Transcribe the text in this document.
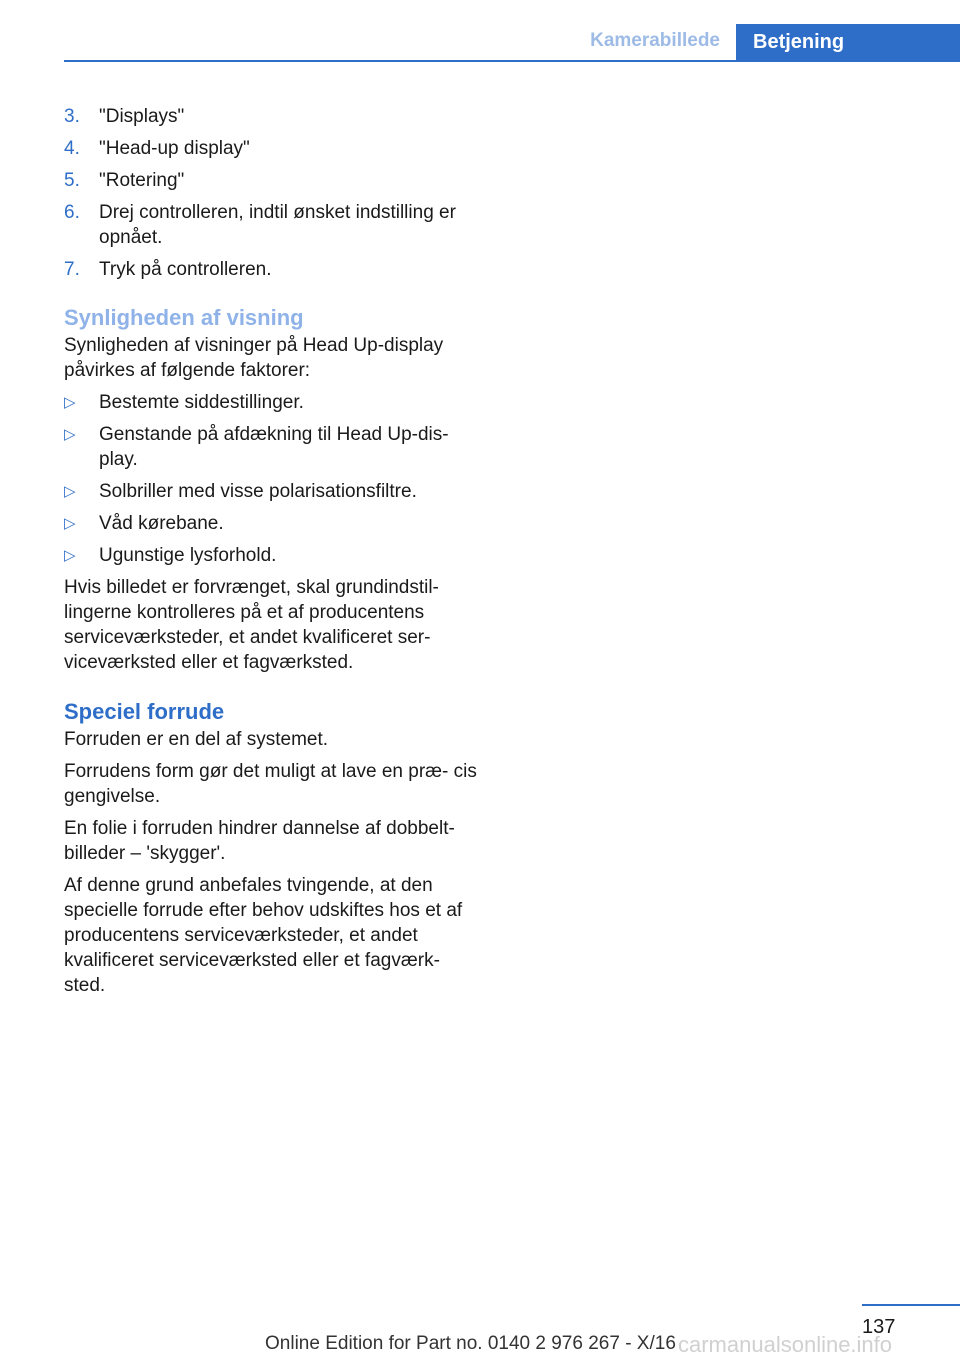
Kamerabillede	Betjening
3. "Displays"
4. "Head-up display"
5. "Rotering"
6. Drej controlleren, indtil ønsket indstilling er opnået.
7. Tryk på controlleren.
Synligheden af visning

Synligheden af visninger på Head Up-display påvirkes af følgende faktorer:

▷ Bestemte siddestillinger.
▷ Genstande på afdækning til Head Up-dis- play.
▷ Solbriller med visse polarisationsfiltre.
▷ Våd kørebane.
▷ Ugunstige lysforhold.

Hvis billedet er forvrænget, skal grundindstil- lingerne kontrolleres på et af producentens serviceværksteder, et andet kvalificeret ser- viceværksted eller et fagværksted.

Speciel forrude

Forruden er en del af systemet.

Forrudens form gør det muligt at lave en præ- cis gengivelse.

En folie i forruden hindrer dannelse af dobbelt- billeder – 'skygger'.

Af denne grund anbefales tvingende, at den specielle forrude efter behov udskiftes hos et af producentens serviceværksteder, et andet kvalificeret serviceværksted eller et fagværk- sted.

137
Online Edition for Part no. 0140 2 976 267 - X/16 carmanualsonline.info
